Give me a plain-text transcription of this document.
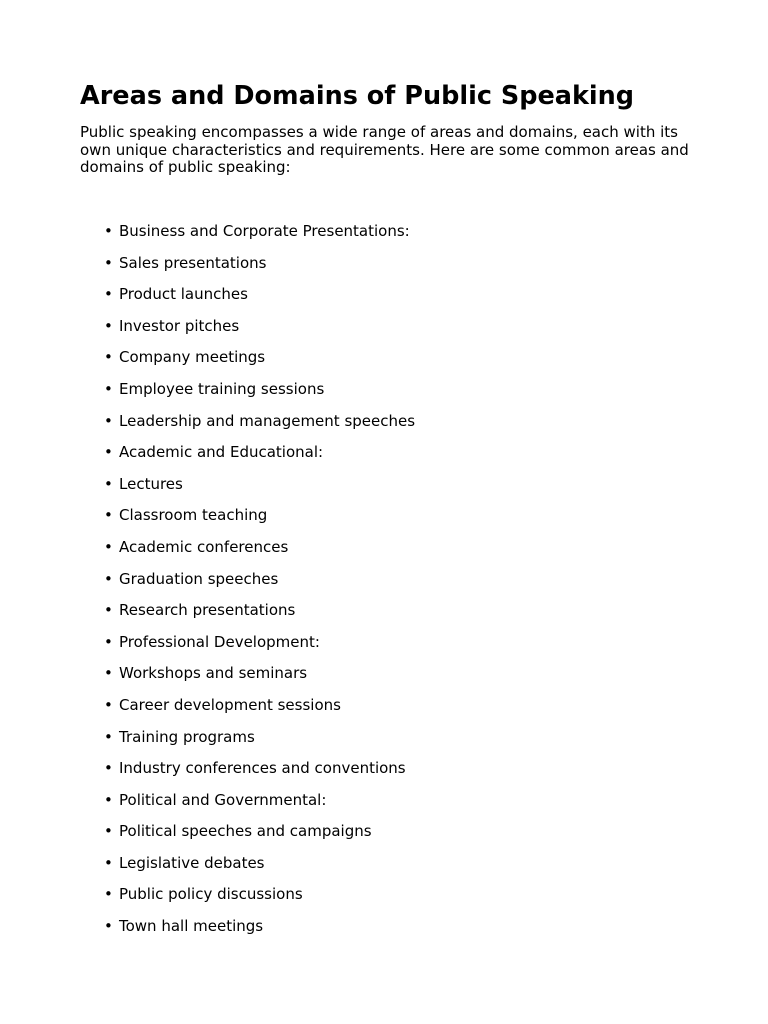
Areas and Domains of Public Speaking

Public speaking encompasses a wide range of areas and domains, each with its own unique characteristics and requirements. Here are some common areas and domains of public speaking:

• Business and Corporate Presentations:
• Sales presentations
• Product launches
• Investor pitches
• Company meetings
• Employee training sessions
• Leadership and management speeches
• Academic and Educational:
• Lectures
• Classroom teaching
• Academic conferences
• Graduation speeches
• Research presentations
• Professional Development:
• Workshops and seminars
• Career development sessions
• Training programs
• Industry conferences and conventions
• Political and Governmental:
• Political speeches and campaigns
• Legislative debates
• Public policy discussions
• Town hall meetings
